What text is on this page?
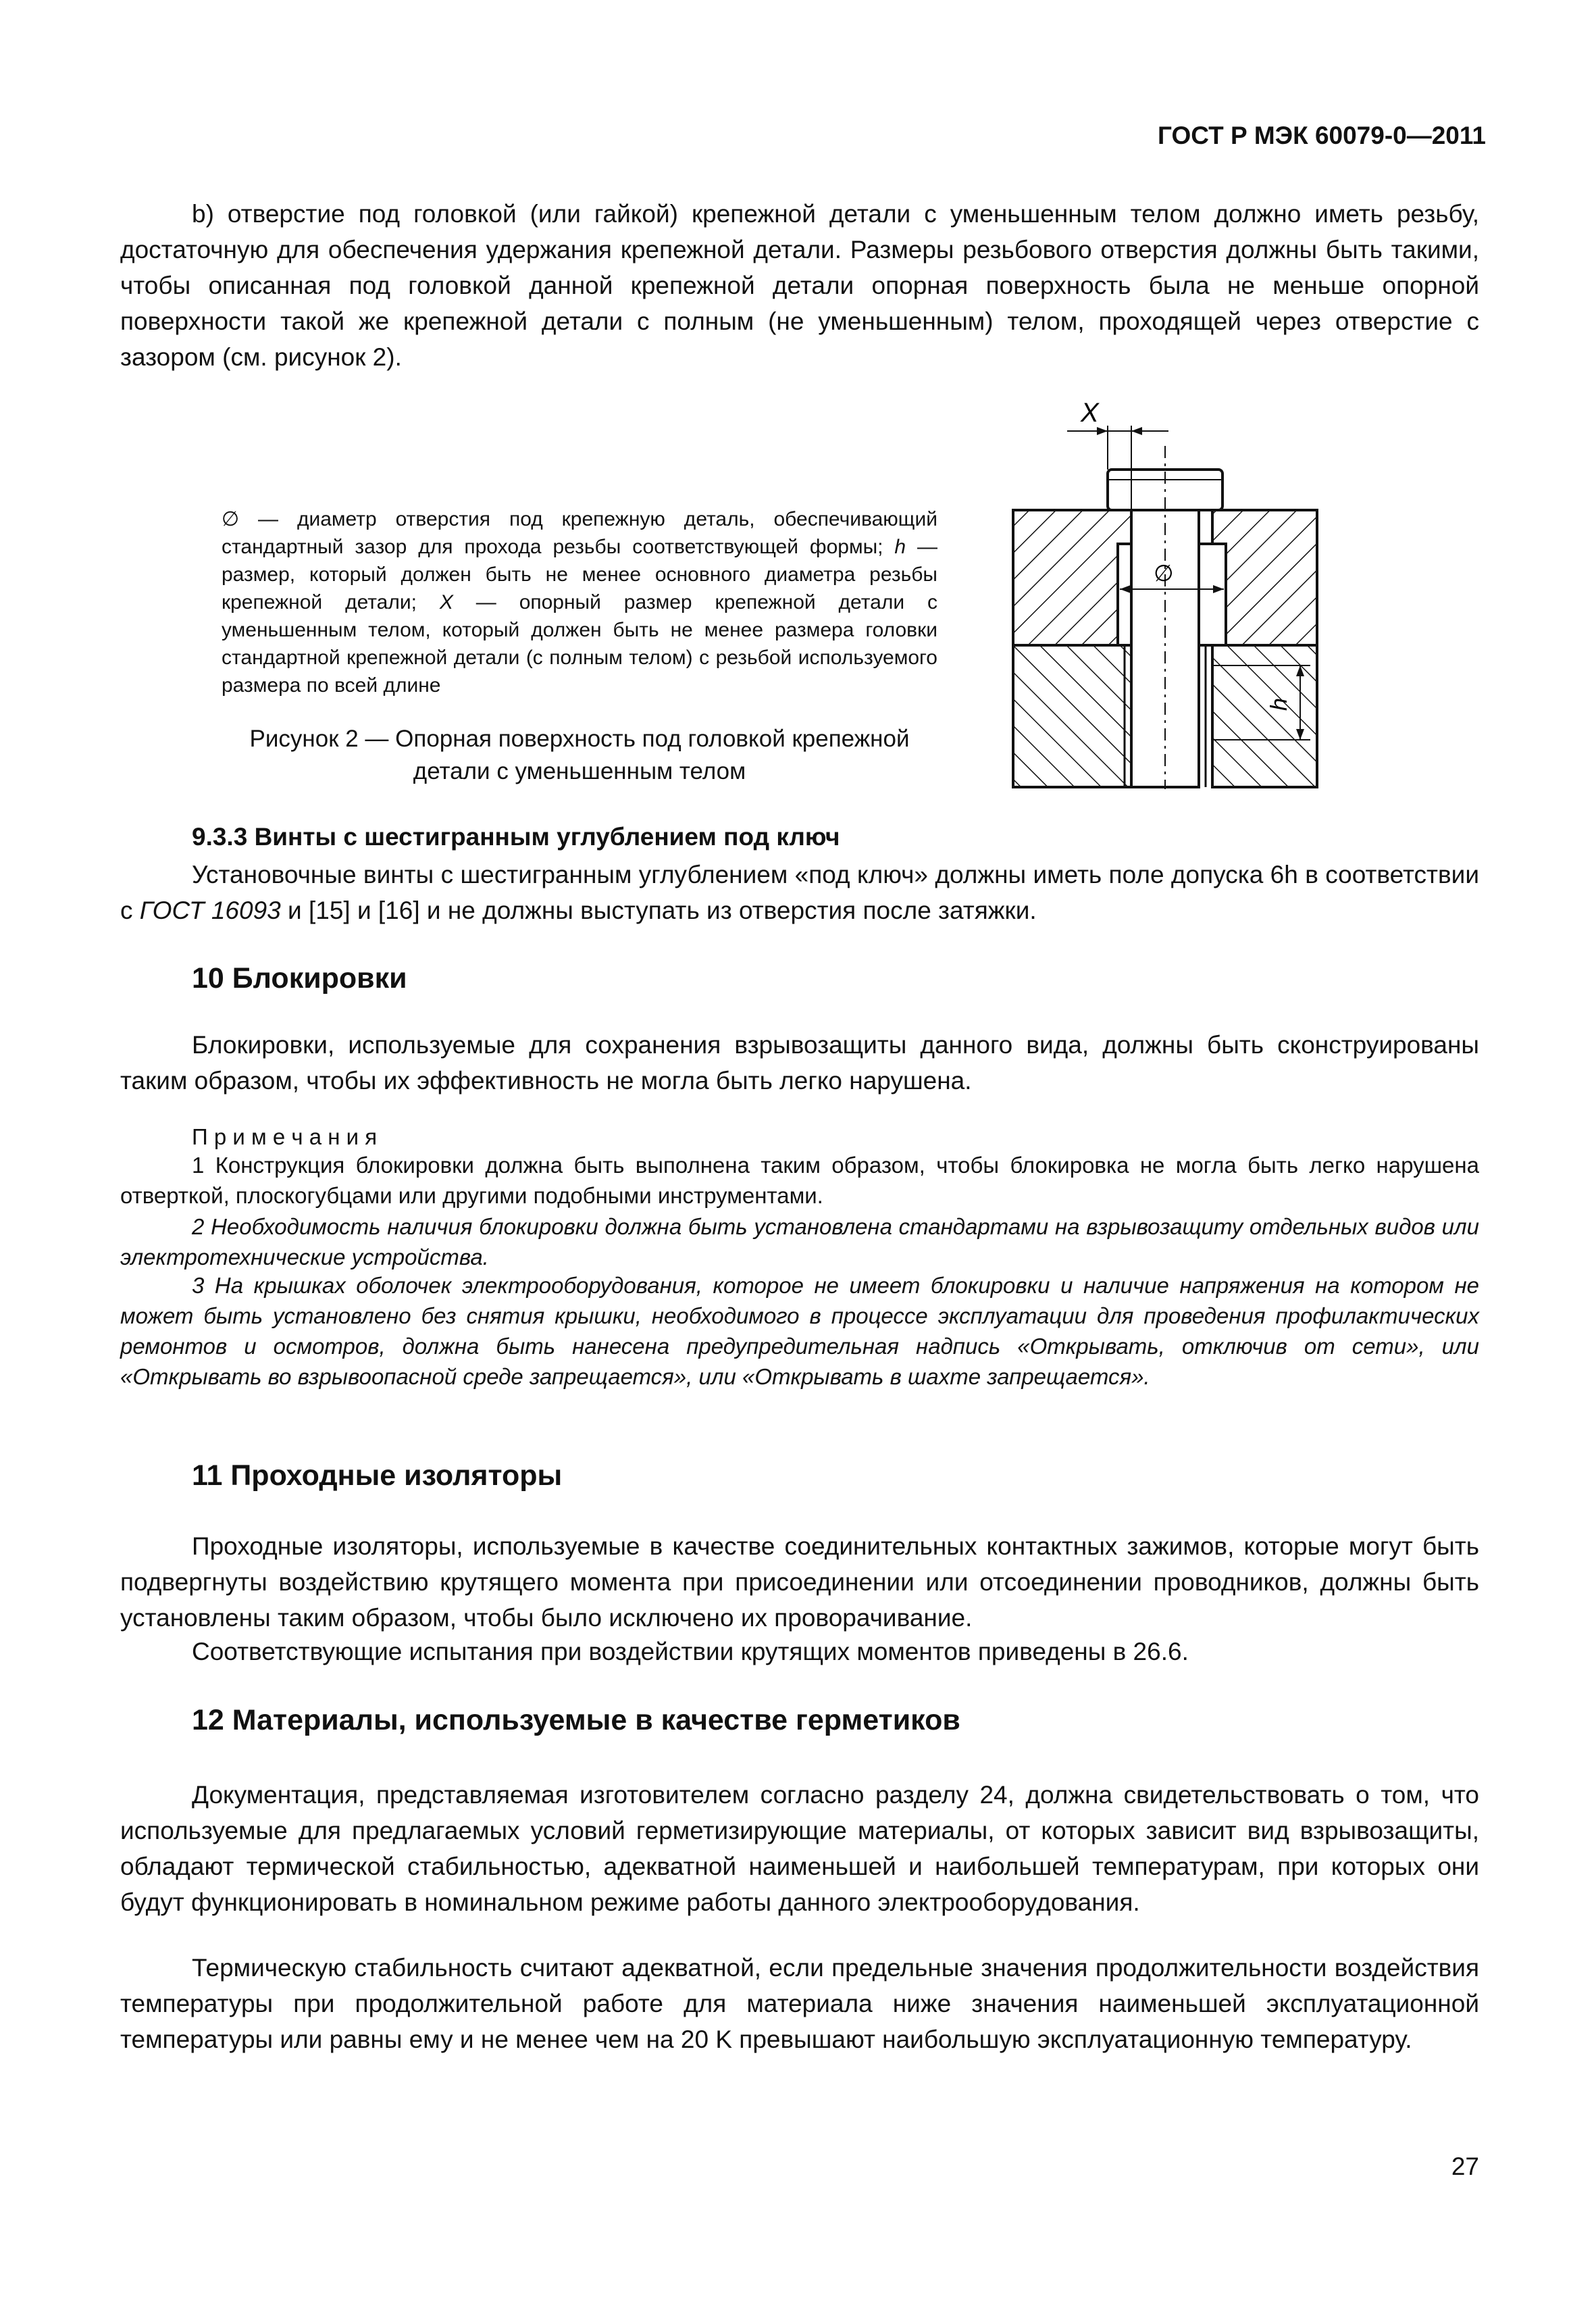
ГОСТ Р МЭК 60079-0—2011
b) отверстие под головкой (или гайкой) крепежной детали с уменьшенным телом должно иметь резьбу, достаточную для обеспечения удержания крепежной детали. Размеры резьбового отверстия должны быть такими, чтобы описанная под головкой данной крепежной детали опорная поверхность была не меньше опорной поверхности такой же крепежной детали с полным (не уменьшенным) телом, проходящей через отверстие с зазором (см. рисунок 2).
∅ — диаметр отверстия под крепежную деталь, обеспечивающий стандартный зазор для прохода резьбы соответствующей формы; h — размер, который должен быть не менее основного диаметра резьбы крепежной детали; X — опорный размер крепежной детали с уменьшенным телом, который должен быть не менее размера головки стандартной крепежной детали (с полным телом) с резьбой используемого размера по всей длине
Рисунок 2 — Опорная поверхность под головкой крепежной детали с уменьшенным телом
∅
X
h
9.3.3 Винты с шестигранным углублением под ключ
Установочные винты с шестигранным углублением «под ключ» должны иметь поле допуска 6h в соответствии с ГОСТ 16093 и [15] и [16] и не должны выступать из отверстия после затяжки.
10 Блокировки
Блокировки, используемые для сохранения взрывозащиты данного вида, должны быть сконструированы таким образом, чтобы их эффективность не могла быть легко нарушена.
П р и м е ч а н и я
1 Конструкция блокировки должна быть выполнена таким образом, чтобы блокировка не могла быть легко нарушена отверткой, плоскогубцами или другими подобными инструментами.
2 Необходимость наличия блокировки должна быть установлена стандартами на взрывозащиту отдельных видов или электротехнические устройства.
3 На крышках оболочек электрооборудования, которое не имеет блокировки и наличие напряжения на котором не может быть установлено без снятия крышки, необходимого в процессе эксплуатации для проведения профилактических ремонтов и осмотров, должна быть нанесена предупредительная надпись «Открывать, отключив от сети», или «Открывать во взрывоопасной среде запрещается», или «Открывать в шахте запрещается».
11 Проходные изоляторы
Проходные изоляторы, используемые в качестве соединительных контактных зажимов, которые могут быть подвергнуты воздействию крутящего момента при присоединении или отсоединении проводников, должны быть установлены таким образом, чтобы было исключено их проворачивание.
Соответствующие испытания при воздействии крутящих моментов приведены в 26.6.
12 Материалы, используемые в качестве герметиков
Документация, представляемая изготовителем согласно разделу 24, должна свидетельствовать о том, что используемые для предлагаемых условий герметизирующие материалы, от которых зависит вид взрывозащиты, обладают термической стабильностью, адекватной наименьшей и наибольшей температурам, при которых они будут функционировать в номинальном режиме работы данного электрооборудования.
Термическую стабильность считают адекватной, если предельные значения продолжительности воздействия температуры при продолжительной работе для материала ниже значения наименьшей эксплуатационной температуры или равны ему и не менее чем на 20 K превышают наибольшую эксплуатационную температуру.
27
